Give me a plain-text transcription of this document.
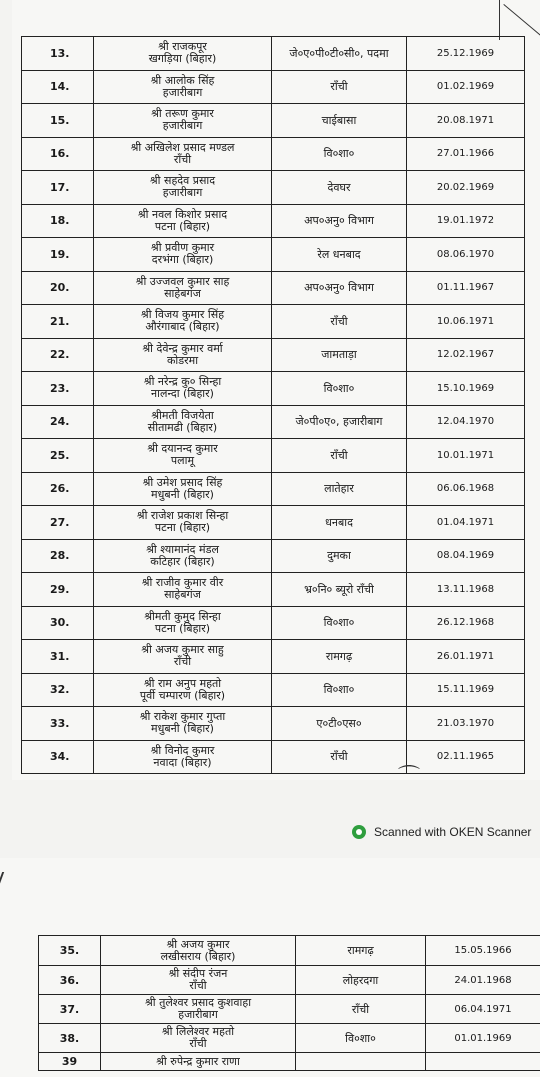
13.	श्री राजकपूर
खगड़िया (बिहार)	जे०ए०पी०टी०सी०, पदमा	25.12.1969
14.	श्री आलोक सिंह
हजारीबाग	राँची	01.02.1969
15.	श्री तरूण कुमार
हजारीबाग	चाईबासा	20.08.1971
16.	श्री अखिलेश प्रसाद मण्डल
राँची	वि०शा०	27.01.1966
17.	श्री सहदेव प्रसाद
हजारीबाग	देवघर	20.02.1969
18.	श्री नवल किशोर प्रसाद
पटना (बिहार)	अप०अनु० विभाग	19.01.1972
19.	श्री प्रवीण कुमार
दरभंगा (बिहार)	रेल धनबाद	08.06.1970
20.	श्री उज्जवल कुमार साह
साहेबगंज	अप०अनु० विभाग	01.11.1967
21.	श्री विजय कुमार सिंह
औरंगाबाद (बिहार)	राँची	10.06.1971
22.	श्री देवेन्द्र कुमार वर्मा
कोडरमा	जामताड़ा	12.02.1967
23.	श्री नरेन्द्र कु० सिन्हा
नालन्दा (बिहार)	वि०शा०	15.10.1969
24.	श्रीमती विजयेता
सीतामढी (बिहार)	जे०पी०ए०, हजारीबाग	12.04.1970
25.	श्री दयानन्द कुमार
पलामू	राँची	10.01.1971
26.	श्री उमेश प्रसाद सिंह
मधुबनी (बिहार)	लातेहार	06.06.1968
27.	श्री राजेश प्रकाश सिन्हा
पटना (बिहार)	धनबाद	01.04.1971
28.	श्री श्यामानंद मंडल
कटिहार (बिहार)	दुमका	08.04.1969
29.	श्री राजीव कुमार वीर
साहेबगंज	भ्र०नि० ब्यूरो राँची	13.11.1968
30.	श्रीमती कुमुद सिन्हा
पटना (बिहार)	वि०शा०	26.12.1968
31.	श्री अजय कुमार साहु
राँची	रामगढ़	26.01.1971
32.	श्री राम अनुप महतो
पूर्वी चम्पारण (बिहार)	वि०शा०	15.11.1969
33.	श्री राकेश कुमार गुप्ता
मधुबनी (बिहार)	ए०टी०एस०	21.03.1970
34.	श्री विनोद कुमार
नवादा (बिहार)	राँची	02.11.1965
⌒
Scanned with OKEN Scanner
35.	श्री अजय कुमार
लखीसराय (बिहार)	रामगढ़	15.05.1966
36.	श्री संदीप रंजन
राँची	लोहरदगा	24.01.1968
37.	श्री तुलेश्वर प्रसाद कुशवाहा
हजारीबाग	राँची	06.04.1971
38.	श्री लिलेश्वर महतो
राँची	वि०शा०	01.01.1969
39	श्री रुपेन्द्र कुमार राणा
